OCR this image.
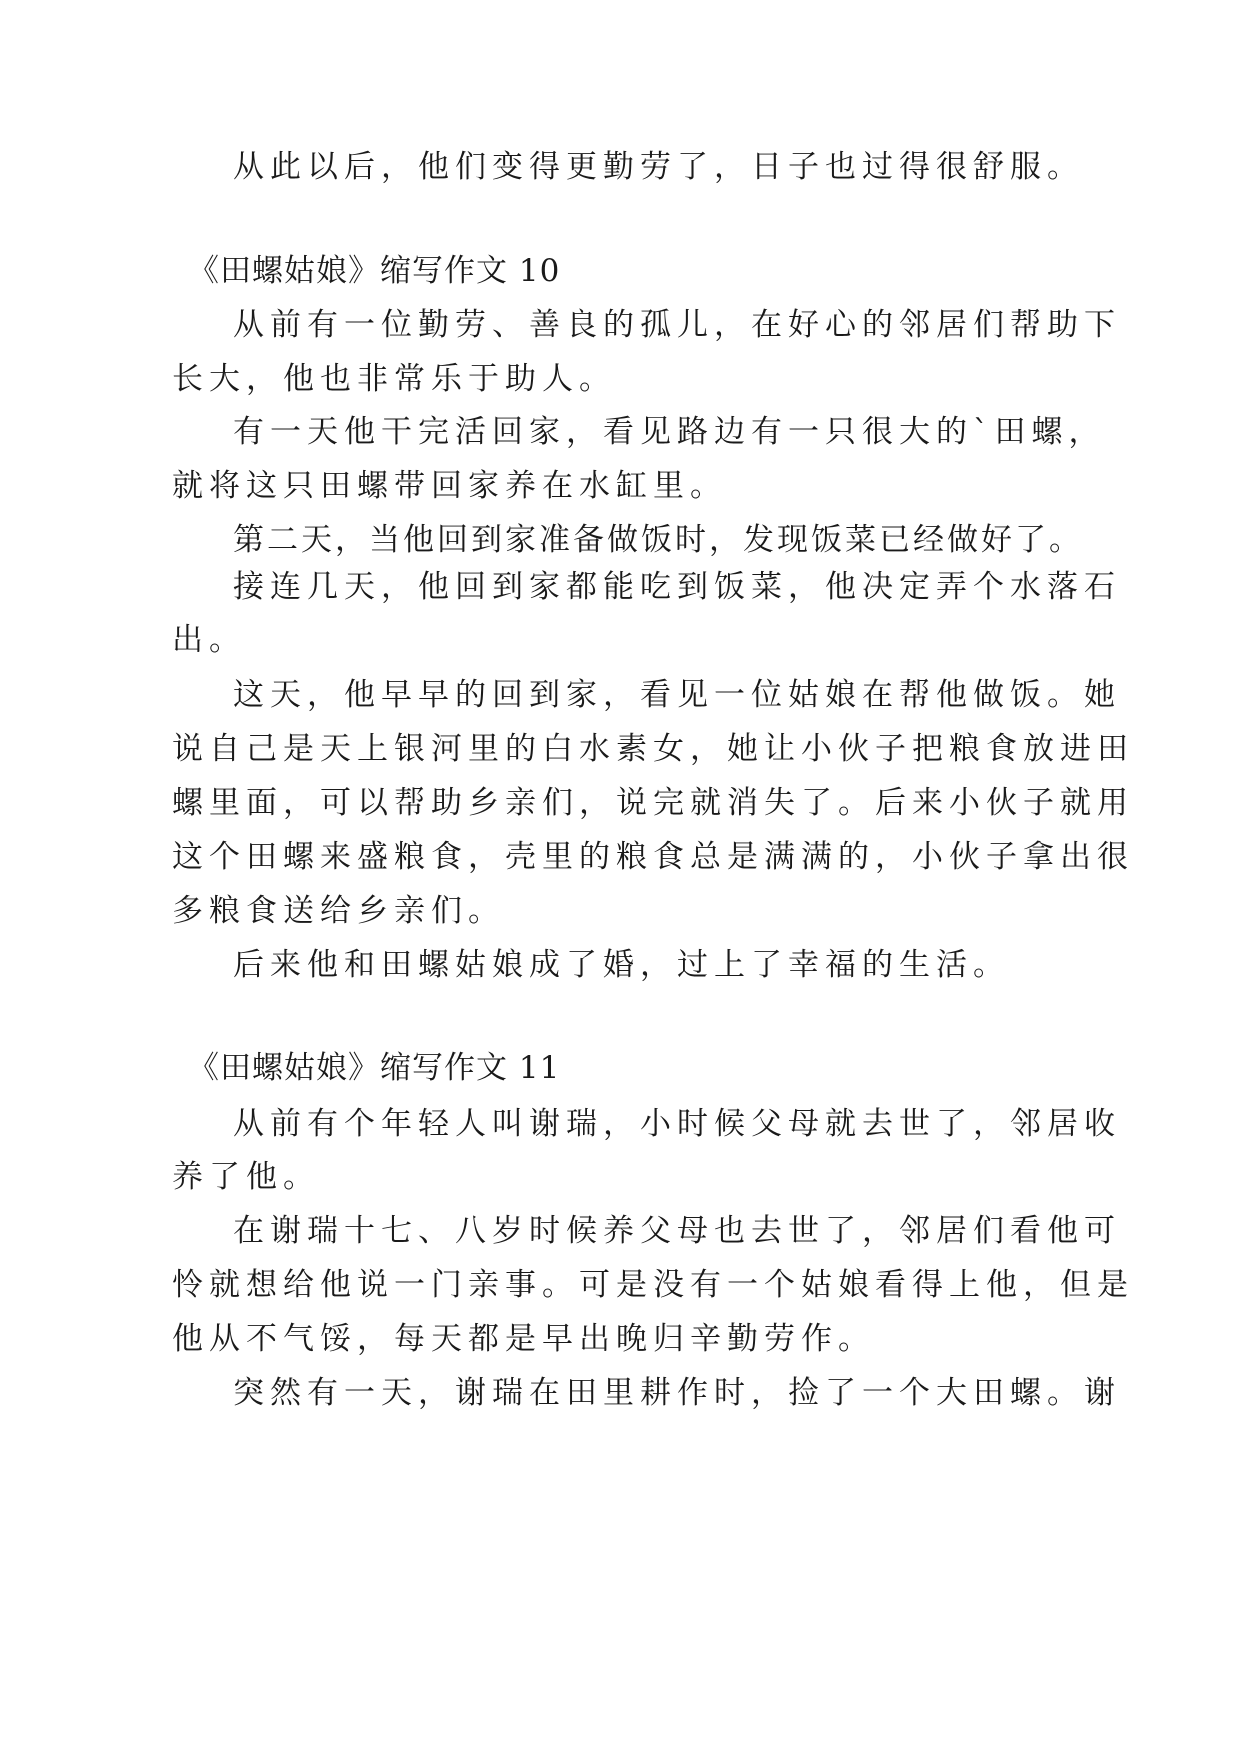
从此以后，他们变得更勤劳了，日子也过得很舒服。
《田螺姑娘》缩写作文 10
从前有一位勤劳、善良的孤儿，在好心的邻居们帮助下
长大，他也非常乐于助人。
有一天他干完活回家，看见路边有一只很大的`田螺，
就将这只田螺带回家养在水缸里。
第二天，当他回到家准备做饭时，发现饭菜已经做好了。
接连几天，他回到家都能吃到饭菜，他决定弄个水落石
出。
这天，他早早的回到家，看见一位姑娘在帮他做饭。她
说自己是天上银河里的白水素女，她让小伙子把粮食放进田
螺里面，可以帮助乡亲们，说完就消失了。后来小伙子就用
这个田螺来盛粮食，壳里的粮食总是满满的，小伙子拿出很
多粮食送给乡亲们。
后来他和田螺姑娘成了婚，过上了幸福的生活。
《田螺姑娘》缩写作文 11
从前有个年轻人叫谢瑞，小时候父母就去世了，邻居收
养了他。
在谢瑞十七、八岁时候养父母也去世了，邻居们看他可
怜就想给他说一门亲事。可是没有一个姑娘看得上他，但是
他从不气馁，每天都是早出晚归辛勤劳作。
突然有一天，谢瑞在田里耕作时，捡了一个大田螺。谢
